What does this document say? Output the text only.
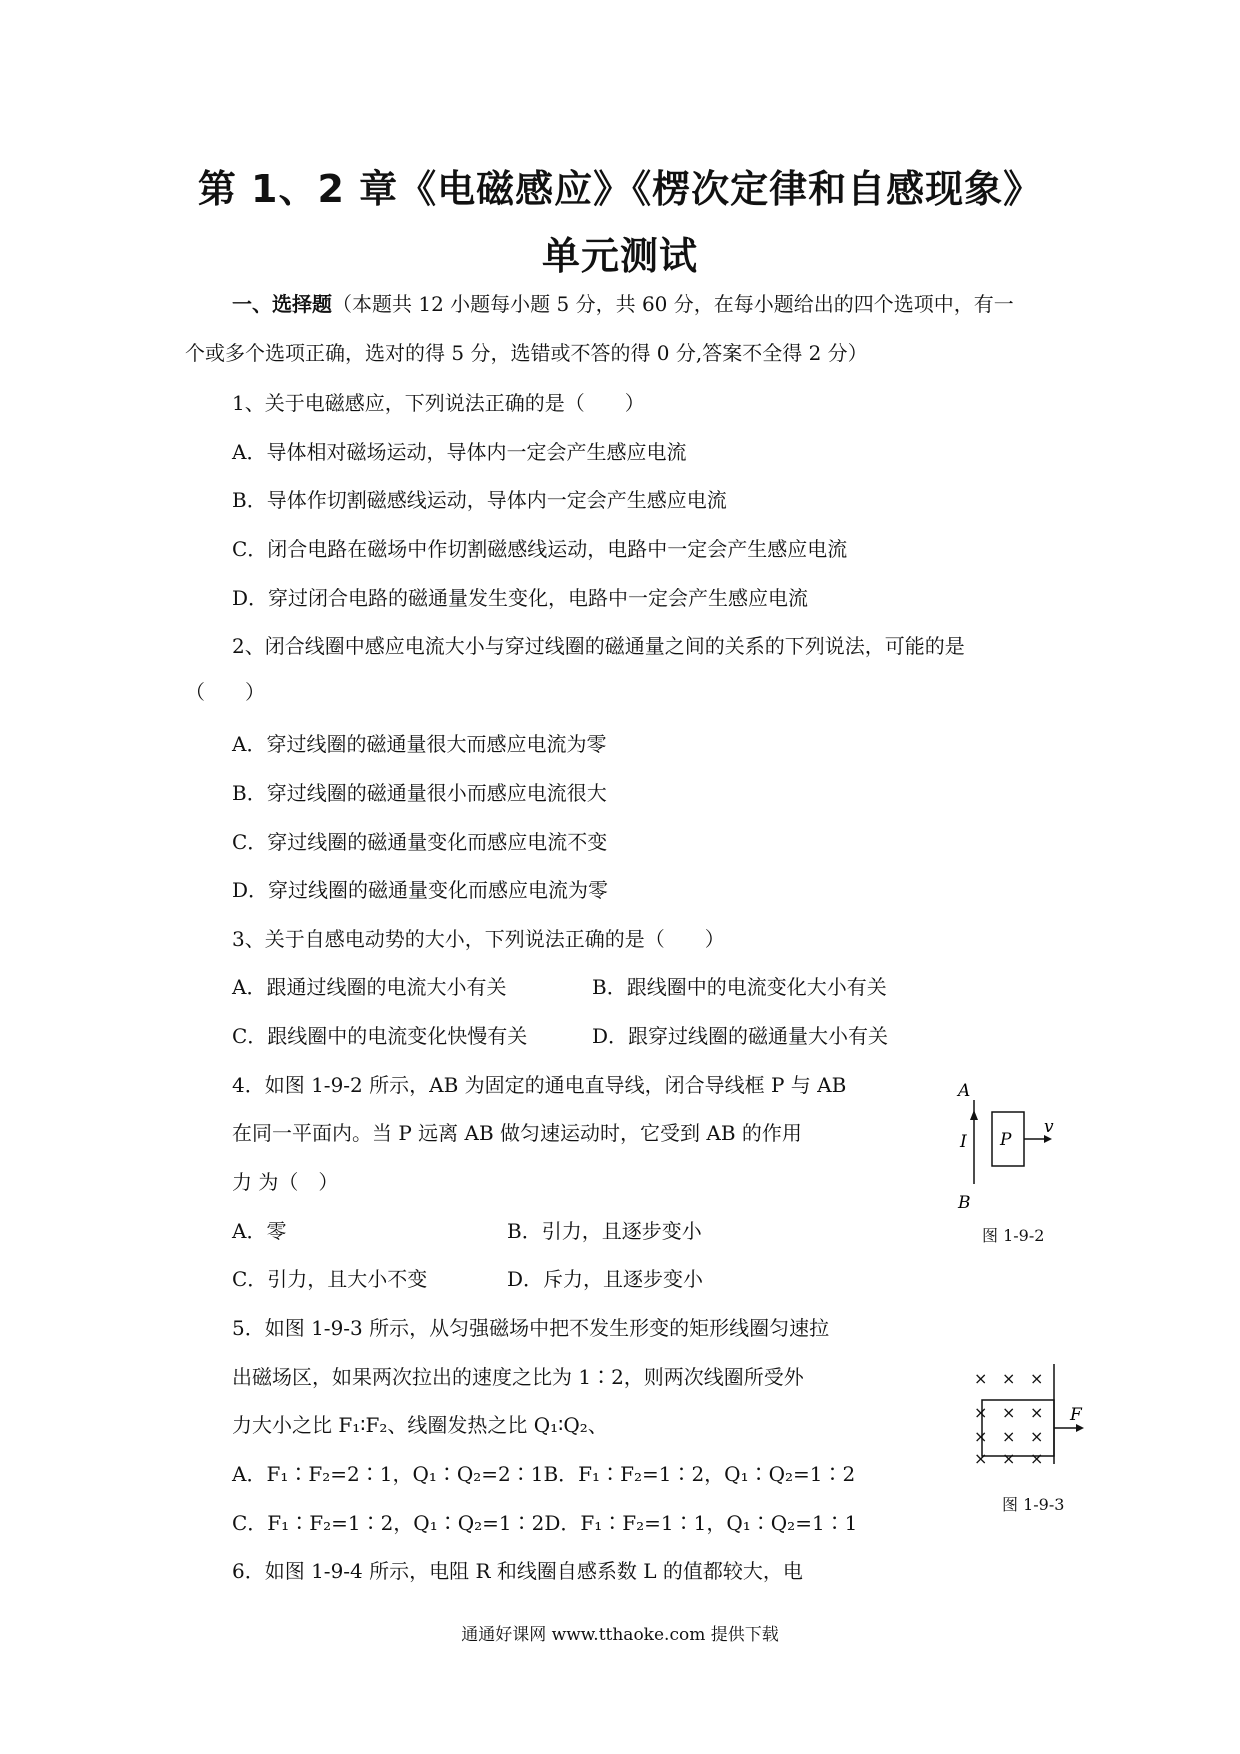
第 1、2 章《电磁感应》《楞次定律和自感现象》
单元测试
一、选择题（本题共 12 小题每小题 5 分，共 60 分，在每小题给出的四个选项中，有一
个或多个选项正确，选对的得 5 分，选错或不答的得 0 分,答案不全得 2 分）
1、关于电磁感应，下列说法正确的是（　　）
A．导体相对磁场运动，导体内一定会产生感应电流
B．导体作切割磁感线运动，导体内一定会产生感应电流
C．闭合电路在磁场中作切割磁感线运动，电路中一定会产生感应电流
D．穿过闭合电路的磁通量发生变化，电路中一定会产生感应电流
2、闭合线圈中感应电流大小与穿过线圈的磁通量之间的关系的下列说法，可能的是
（　　）
A．穿过线圈的磁通量很大而感应电流为零
B．穿过线圈的磁通量很小而感应电流很大
C．穿过线圈的磁通量变化而感应电流不变
D．穿过线圈的磁通量变化而感应电流为零
3、关于自感电动势的大小，下列说法正确的是（　　）
A．跟通过线圈的电流大小有关	B．跟线圈中的电流变化大小有关
C．跟线圈中的电流变化快慢有关	D．跟穿过线圈的磁通量大小有关
4．如图 1-9-2 所示，AB 为固定的通电直导线，闭合导线框 P 与 AB
在同一平面内。当 P 远离 AB 做匀速运动时，它受到 AB 的作用
力 为（　）
A．零	B．引力，且逐步变小
C．引力，且大小不变	D．斥力，且逐步变小
A
B
I P
v
图 1-9-2
5．如图 1-9-3 所示，从匀强磁场中把不发生形变的矩形线圈匀速拉
出磁场区，如果两次拉出的速度之比为 1∶2，则两次线圈所受外
力大小之比 F₁∶F₂、线圈发热之比 Q₁∶Q₂、
A．F₁∶F₂=2∶1，Q₁∶Q₂=2∶1B．F₁∶F₂=1∶2，Q₁∶Q₂=1∶2
C．F₁∶F₂=1∶2，Q₁∶Q₂=1∶2D．F₁∶F₂=1∶1，Q₁∶Q₂=1∶1
F
× × ×
× × ×
× × ×
× × ×
图 1-9-3
6．如图 1-9-4 所示，电阻 R 和线圈自感系数 L 的值都较大，电
通通好课网 www.tthaoke.com 提供下载
